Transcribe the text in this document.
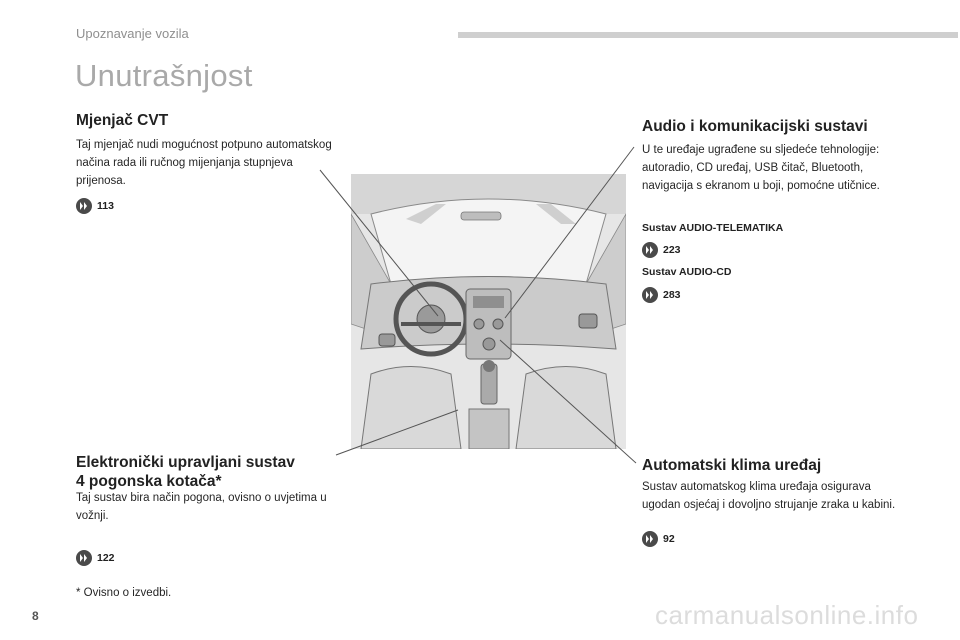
Upoznavanje vozila
Unutrašnjost
Mjenjač CVT
Taj mjenjač nudi mogućnost potpuno automatskog načina rada ili ručnog mijenjanja stupnjeva prijenosa.
113
Elektronički upravljani sustav
4 pogonska kotača*
Taj sustav bira način pogona, ovisno o uvjetima u vožnji.
122
* Ovisno o izvedbi.
Audio i komunikacijski sustavi
U te uređaje ugrađene su sljedeće tehnologije: autoradio, CD uređaj, USB čitač, Bluetooth, navigacija s ekranom u boji, pomoćne utičnice.
Sustav AUDIO-TELEMATIKA
223
Sustav AUDIO-CD
283
Automatski klima uređaj
Sustav automatskog klima uređaja osigurava ugodan osjećaj i dovoljno strujanje zraka u kabini.
92
8	carmanualsonline.info
